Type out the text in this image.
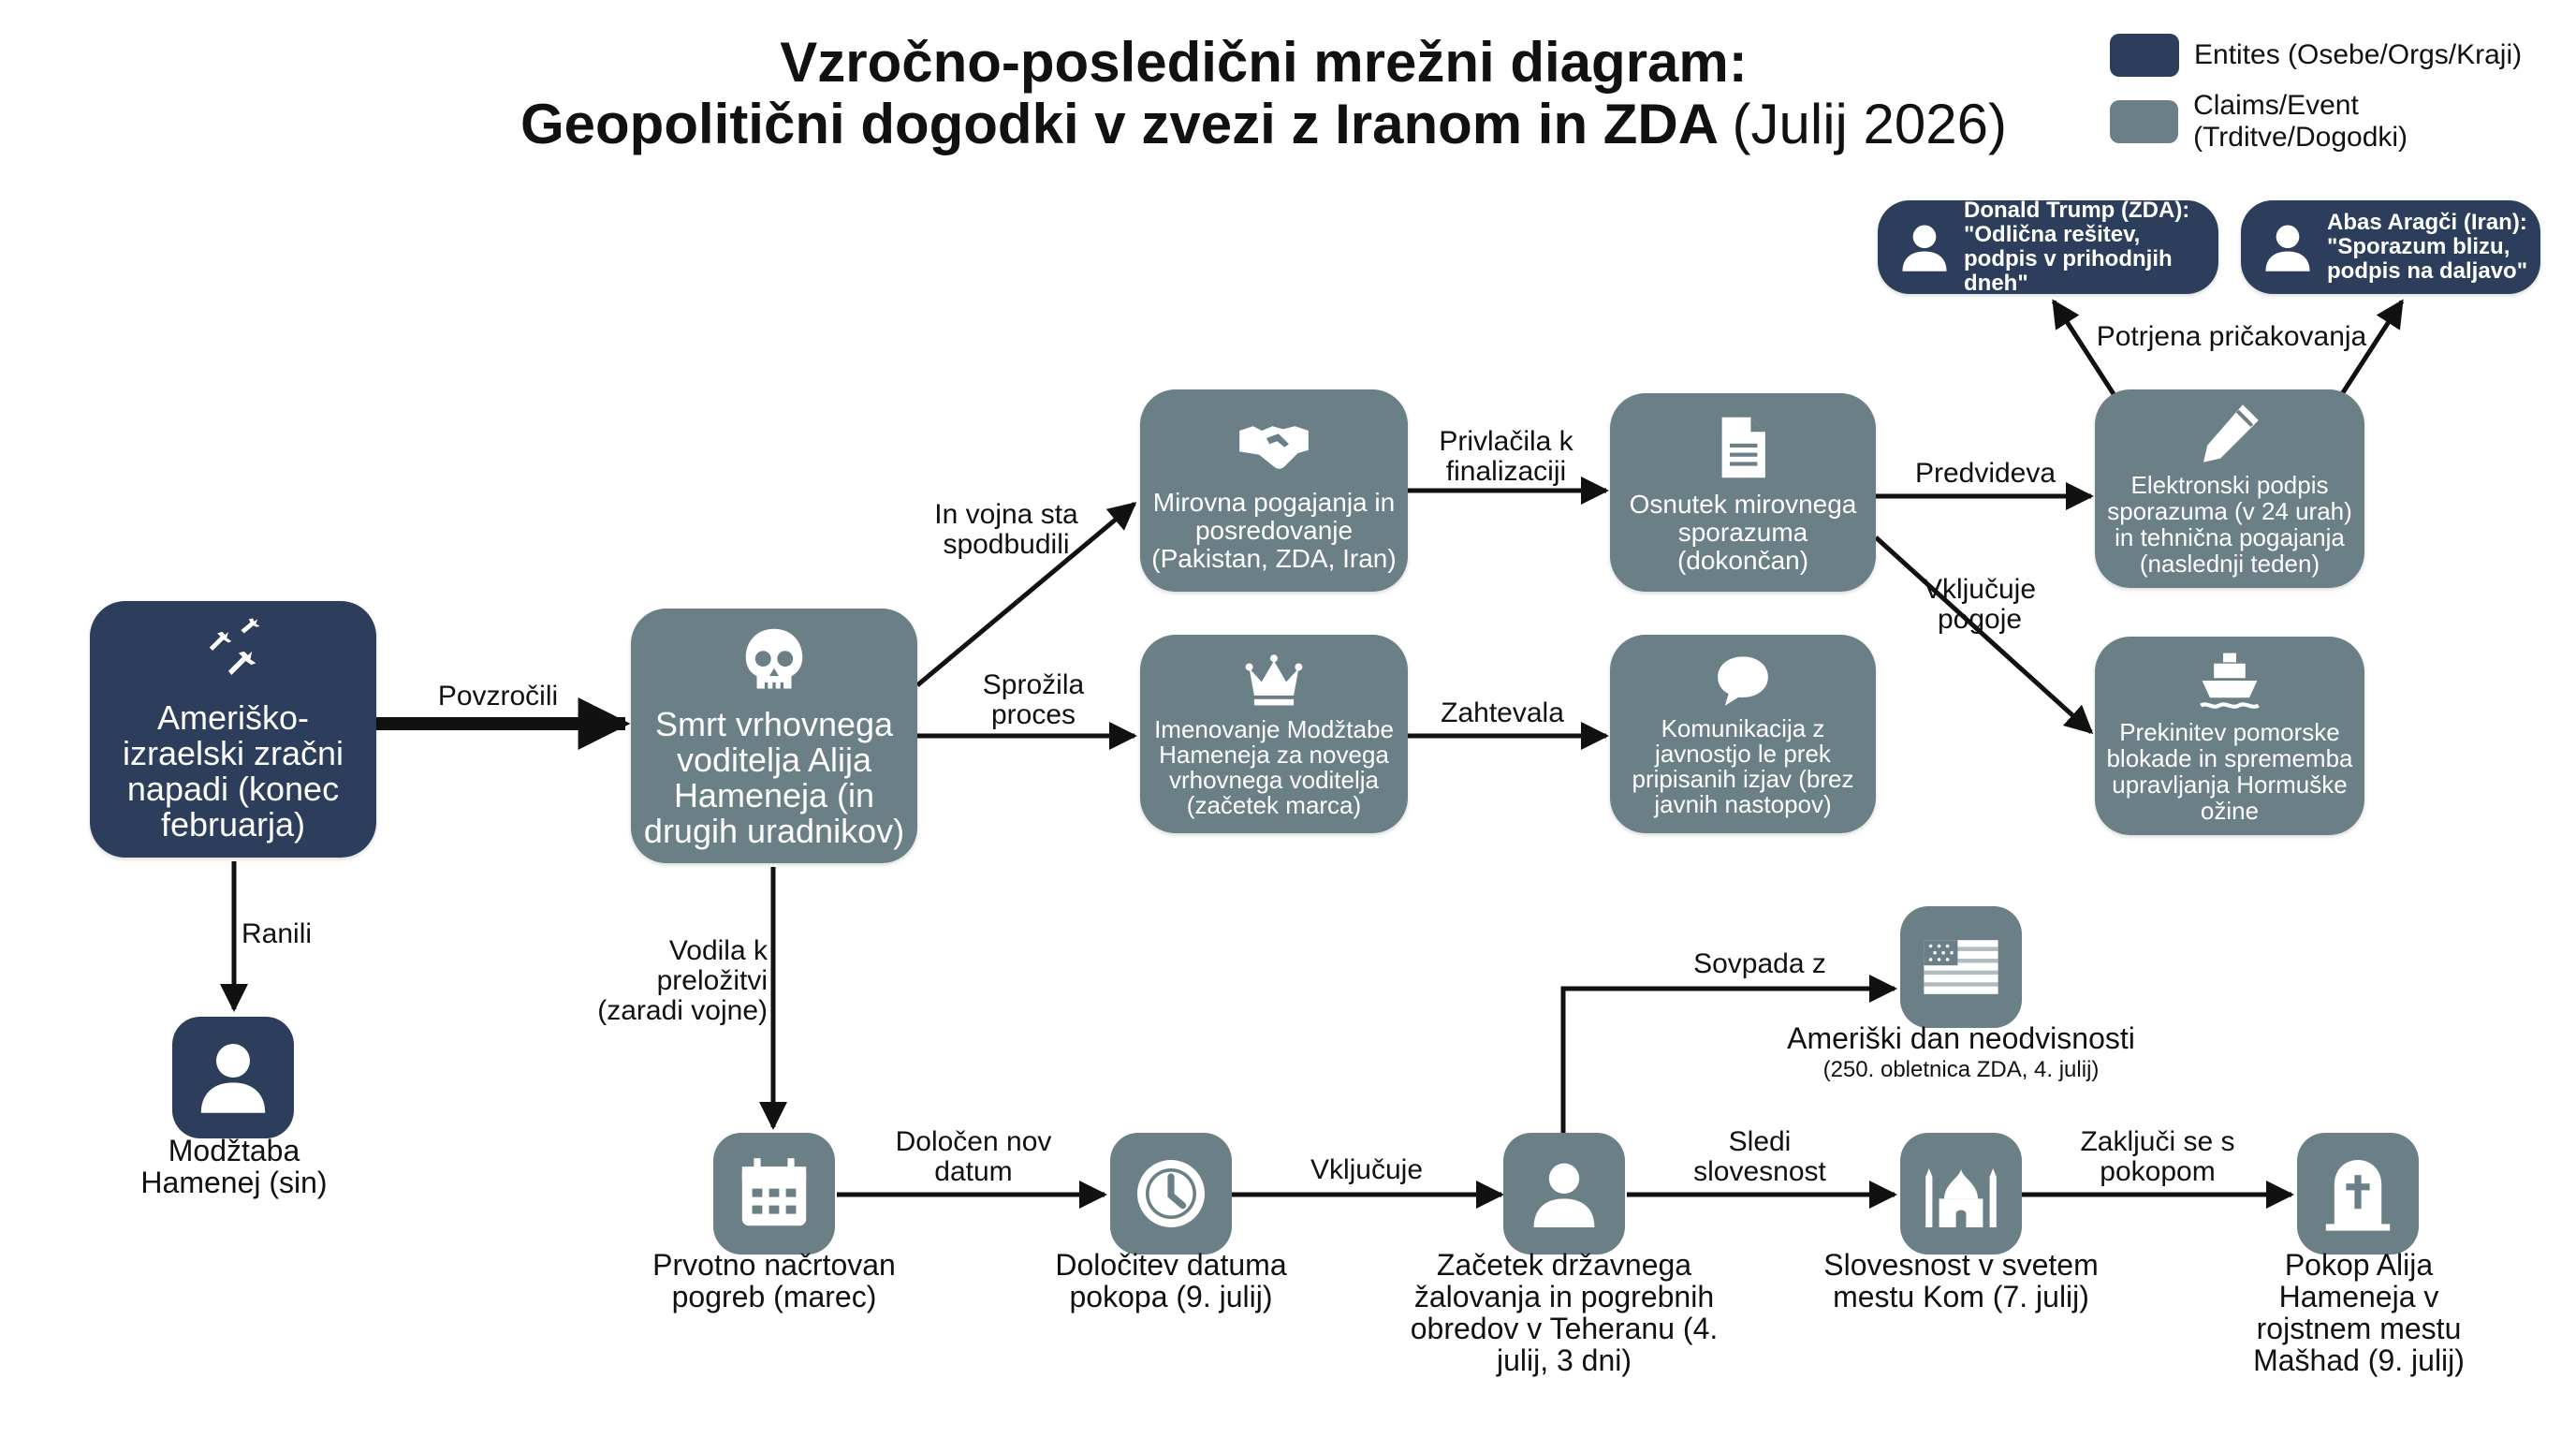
Vzročno-posledični mrežni diagram:
Geopolitični dogodki v zvezi z Iranom in ZDA (Julij 2026)
Entites (Osebe/Orgs/Kraji)
Claims/Event (Trditve/Dogodki)
Ameriško-izraelski zračni napadi (konec februarja)
Smrt vrhovnega voditelja Alija Hameneja (in drugih uradnikov)
Mirovna pogajanja in posredovanje (Pakistan, ZDA, Iran)
Imenovanje Modžtabe Hameneja za novega vrhovnega voditelja (začetek marca)
Osnutek mirovnega sporazuma (dokončan)
Komunikacija z javnostjo le prek pripisanih izjav (brez javnih nastopov)
Elektronski podpis sporazuma (v 24 urah) in tehnična pogajanja (naslednji teden)
Prekinitev pomorske blokade in sprememba upravljanja Hormuške ožine
Donald Trump (ZDA): "Odlična rešitev, podpis v prihodnjih dneh"
Abas Aragči (Iran): "Sporazum blizu, podpis na daljavo"
Modžtaba Hamenej (sin)
Prvotno načrtovan pogreb (marec)
Določitev datuma pokopa (9. julij)
Začetek državnega žalovanja in pogrebnih obredov v Teheranu (4. julij, 3 dni)
Ameriški dan neodvisnosti
(250. obletnica ZDA, 4. julij)
Slovesnost v svetem mestu Kom (7. julij)
Pokop Alija Hameneja v rojstnem mestu Mašhad (9. julij)
Povzročili
Ranili
In vojna sta spodbudili
Sprožila proces
Vodila k preložitvi (zaradi vojne)
Privlačila k finalizaciji
Zahtevala
Predvideva
Vključuje pogoje
Potrjena pričakovanja
Določen nov datum	Vključuje
Sovpada z
Sledi slovesnost
Zaključi se s pokopom
